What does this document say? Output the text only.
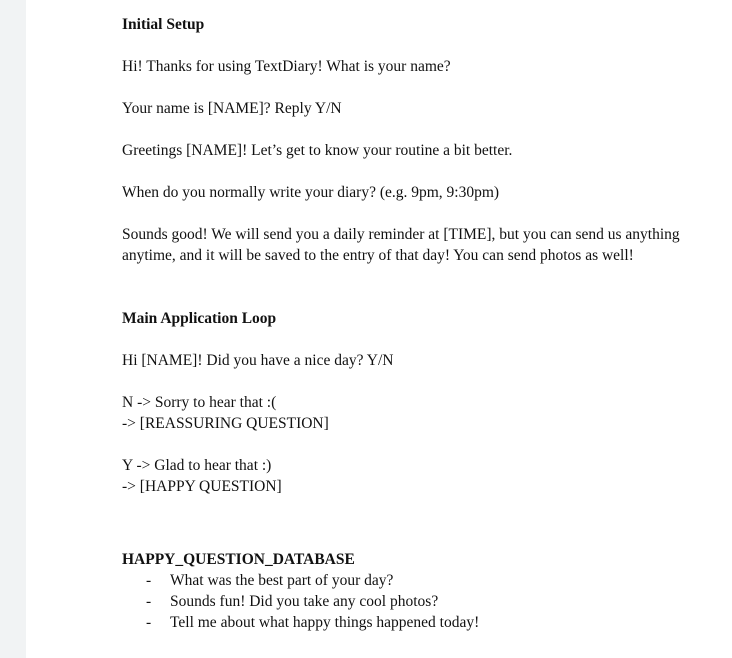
Initial Setup

Hi! Thanks for using TextDiary! What is your name?

Your name is [NAME]? Reply Y/N

Greetings [NAME]! Let’s get to know your routine a bit better.

When do you normally write your diary? (e.g. 9pm, 9:30pm)

Sounds good! We will send you a daily reminder at [TIME], but you can send us anything anytime, and it will be saved to the entry of that day! You can send photos as well!

Main Application Loop

Hi [NAME]! Did you have a nice day? Y/N

N -> Sorry to hear that :(

-> [REASSURING QUESTION]

Y -> Glad to hear that :)

-> [HAPPY QUESTION]

HAPPY_QUESTION_DATABASE

- What was the best part of your day?
- Sounds fun! Did you take any cool photos?
- Tell me about what happy things happened today!
